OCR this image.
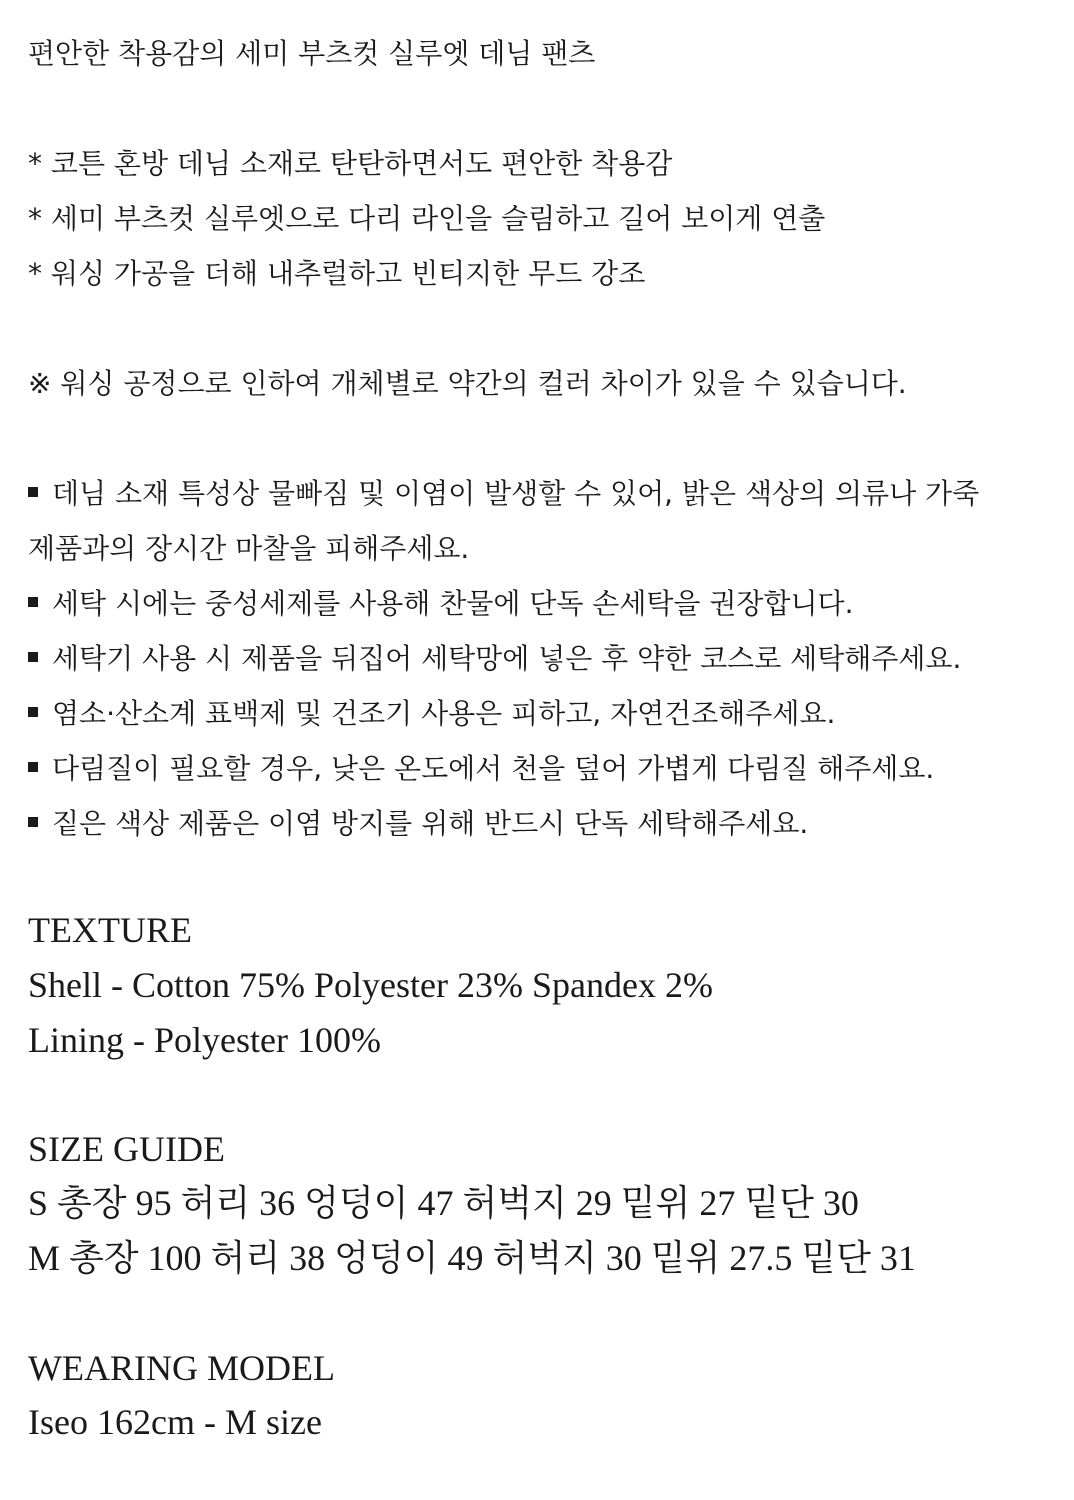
편안한 착용감의 세미 부츠컷 실루엣 데님 팬츠
* 코튼 혼방 데님 소재로 탄탄하면서도 편안한 착용감
* 세미 부츠컷 실루엣으로 다리 라인을 슬림하고 길어 보이게 연출
* 워싱 가공을 더해 내추럴하고 빈티지한 무드 강조
※ 워싱 공정으로 인하여 개체별로 약간의 컬러 차이가 있을 수 있습니다.
데님 소재 특성상 물빠짐 및 이염이 발생할 수 있어, 밝은 색상의 의류나 가죽
제품과의 장시간 마찰을 피해주세요.
세탁 시에는 중성세제를 사용해 찬물에 단독 손세탁을 권장합니다.
세탁기 사용 시 제품을 뒤집어 세탁망에 넣은 후 약한 코스로 세탁해주세요.
염소·산소계 표백제 및 건조기 사용은 피하고, 자연건조해주세요.
다림질이 필요할 경우, 낮은 온도에서 천을 덮어 가볍게 다림질 해주세요.
짙은 색상 제품은 이염 방지를 위해 반드시 단독 세탁해주세요.
TEXTURE
Shell - Cotton 75% Polyester 23% Spandex 2%
Lining - Polyester 100%
SIZE GUIDE
S 총장 95 허리 36 엉덩이 47 허벅지 29 밑위 27 밑단 30
M 총장 100 허리 38 엉덩이 49 허벅지 30 밑위 27.5 밑단 31
WEARING MODEL
Iseo 162cm - M size
